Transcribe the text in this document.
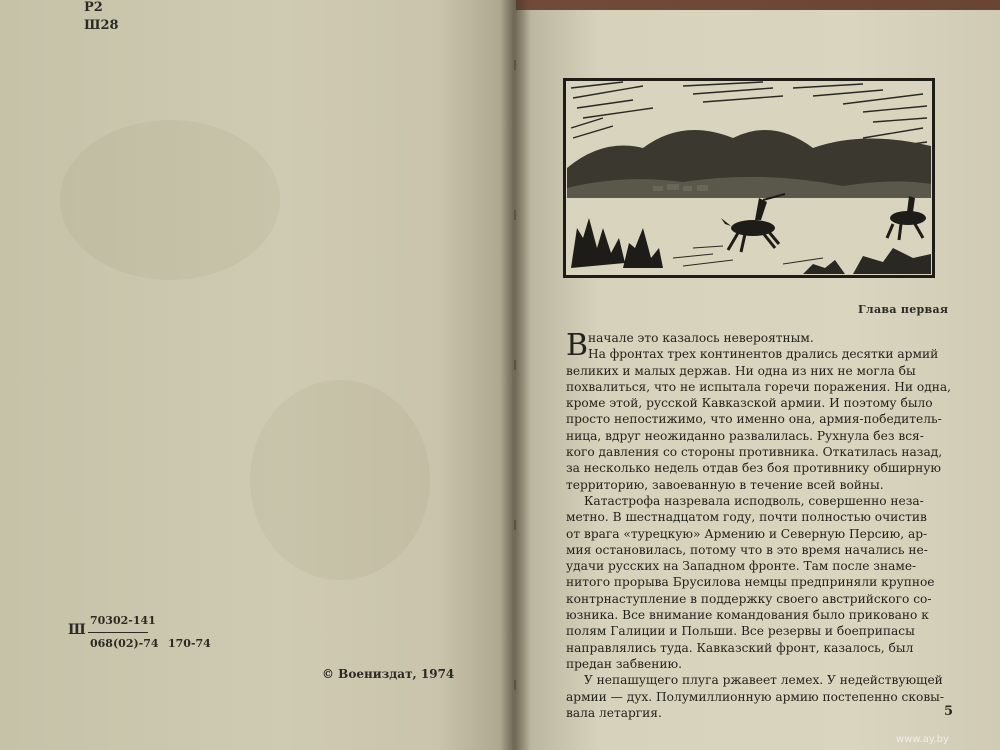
Р2
Ш28
Ш
70302-141
068(02)-74 170-74
© Воениздат, 1974
Глава первая
В начале это казалось невероятным.
На фронтах трех континентов дрались десятки армий
великих и малых держав. Ни одна из них не могла бы
похвалиться, что не испытала горечи поражения. Ни одна,
кроме этой, русской Кавказской армии. И поэтому было
просто непостижимо, что именно она, армия-победитель-
ница, вдруг неожиданно развалилась. Рухнула без вся-
кого давления со стороны противника. Откатилась назад,
за несколько недель отдав без боя противнику обширную
территорию, завоеванную в течение всей войны.
Катастрофа назревала исподволь, совершенно неза-
метно. В шестнадцатом году, почти полностью очистив
от врага «турецкую» Армению и Северную Персию, ар-
мия остановилась, потому что в это время начались не-
удачи русских на Западном фронте. Там после знаме-
нитого прорыва Брусилова немцы предприняли крупное
контрнаступление в поддержку своего австрийского со-
юзника. Все внимание командования было приковано к
полям Галиции и Польши. Все резервы и боеприпасы
направлялись туда. Кавказский фронт, казалось, был
предан забвению.
У непашущего плуга ржавеет лемех. У недействующей
армии — дух. Полумиллионную армию постепенно сковы-
вала летаргия.	5
www.ay.by
